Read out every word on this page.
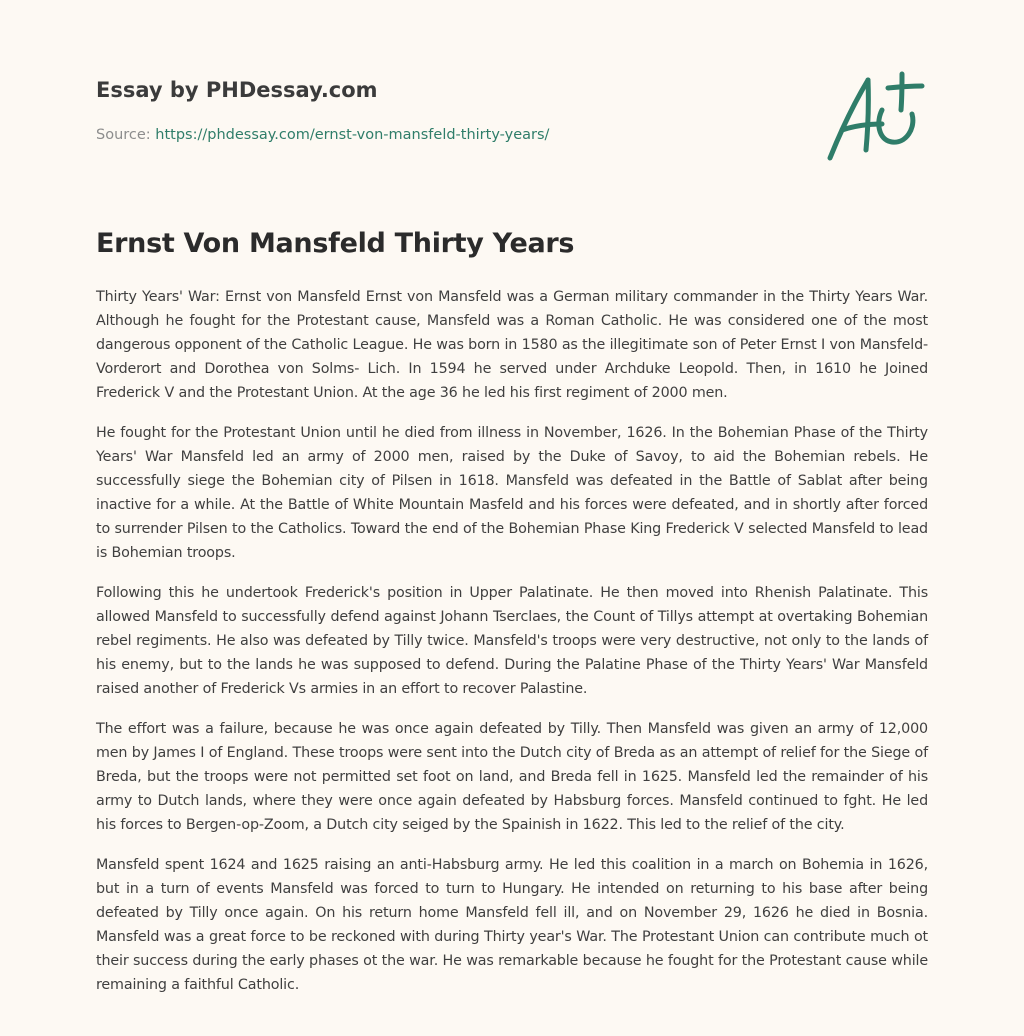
Essay by PHDessay.com
Source: https://phdessay.com/ernst-von-mansfeld-thirty-years/
Ernst Von Mansfeld Thirty Years

Thirty Years' War: Ernst von Mansfeld Ernst von Mansfeld was a German military commander in the Thirty Years War. Although he fought for the Protestant cause, Mansfeld was a Roman Catholic. He was considered one of the most dangerous opponent of the Catholic League. He was born in 1580 as the illegitimate son of Peter Ernst I von Mansfeld-Vorderort and Dorothea von Solms- Lich. In 1594 he served under Archduke Leopold. Then, in 1610 he Joined Frederick V and the Protestant Union. At the age 36 he led his first regiment of 2000 men.

He fought for the Protestant Union until he died from illness in November, 1626. In the Bohemian Phase of the Thirty Years' War Mansfeld led an army of 2000 men, raised by the Duke of Savoy, to aid the Bohemian rebels. He successfully siege the Bohemian city of Pilsen in 1618. Mansfeld was defeated in the Battle of Sablat after being inactive for a while. At the Battle of White Mountain Masfeld and his forces were defeated, and in shortly after forced to surrender Pilsen to the Catholics. Toward the end of the Bohemian Phase King Frederick V selected Mansfeld to lead is Bohemian troops.

Following this he undertook Frederick's position in Upper Palatinate. He then moved into Rhenish Palatinate. This allowed Mansfeld to successfully defend against Johann Tserclaes, the Count of Tillys attempt at overtaking Bohemian rebel regiments. He also was defeated by Tilly twice. Mansfeld's troops were very destructive, not only to the lands of his enemy, but to the lands he was supposed to defend. During the Palatine Phase of the Thirty Years' War Mansfeld raised another of Frederick Vs armies in an effort to recover Palastine.

The effort was a failure, because he was once again defeated by Tilly. Then Mansfeld was given an army of 12,000 men by James I of England. These troops were sent into the Dutch city of Breda as an attempt of relief for the Siege of Breda, but the troops were not permitted set foot on land, and Breda fell in 1625. Mansfeld led the remainder of his army to Dutch lands, where they were once again defeated by Habsburg forces. Mansfeld continued to fght. He led his forces to Bergen-op-Zoom, a Dutch city seiged by the Spainish in 1622. This led to the relief of the city.

Mansfeld spent 1624 and 1625 raising an anti-Habsburg army. He led this coalition in a march on Bohemia in 1626, but in a turn of events Mansfeld was forced to turn to Hungary. He intended on returning to his base after being defeated by Tilly once again. On his return home Mansfeld fell ill, and on November 29, 1626 he died in Bosnia. Mansfeld was a great force to be reckoned with during Thirty year's War. The Protestant Union can contribute much ot their success during the early phases ot the war. He was remarkable because he fought for the Protestant cause while remaining a faithful Catholic.
